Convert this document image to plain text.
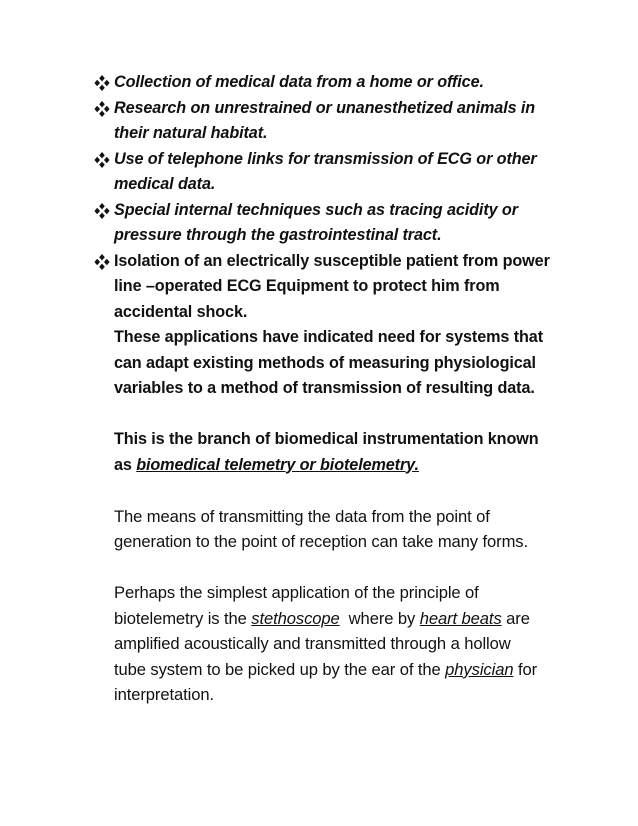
Collection of medical data from a home or office.
Research on unrestrained or unanesthetized animals in
their natural habitat.
Use of telephone links for transmission of ECG or other
medical data.
Special internal techniques such as tracing acidity or
pressure through the gastrointestinal tract.
Isolation of an electrically susceptible patient from power
line –operated ECG Equipment to protect him from
accidental shock.
These applications have indicated need for systems that
can adapt existing methods of measuring physiological
variables to a method of transmission of resulting data.
This is the branch of biomedical instrumentation known
as biomedical telemetry or biotelemetry.
The means of transmitting the data from the point of
generation to the point of reception can take many forms.
Perhaps the simplest application of the principle of
biotelemetry is the stethoscope  where by heart beats are
amplified acoustically and transmitted through a hollow
tube system to be picked up by the ear of the physician for
interpretation.
